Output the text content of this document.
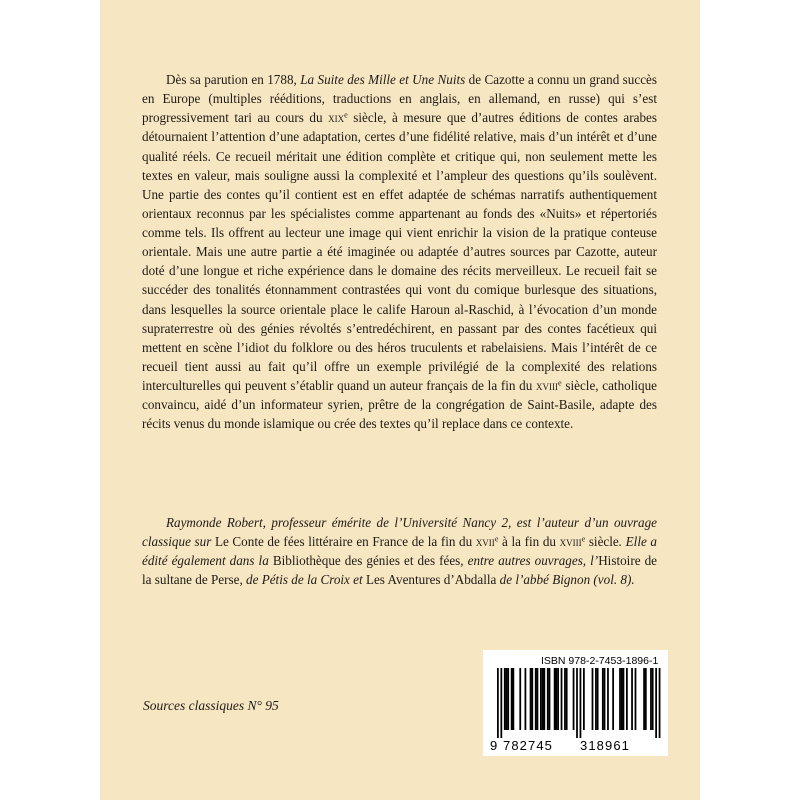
Dès sa parution en 1788, La Suite des Mille et Une Nuits de Cazotte a connu un grand succès en Europe (multiples rééditions, traductions en anglais, en allemand, en russe) qui s’est progressivement tari au cours du xix$^e$ siècle, à mesure que d’autres éditions de contes arabes détournaient l’attention d’une adaptation, certes d’une fidélité relative, mais d’un intérêt et d’une qualité réels. Ce recueil méritait une édition complète et critique qui, non seulement mette les textes en valeur, mais souligne aussi la complexité et l’ampleur des questions qu’ils soulèvent. Une partie des contes qu’il contient est en effet adaptée de schémas narratifs authentiquement orientaux reconnus par les spécialistes comme appartenant au fonds des «Nuits» et répertoriés comme tels. Ils offrent au lecteur une image qui vient enrichir la vision de la pratique conteuse orientale. Mais une autre partie a été imaginée ou adaptée d’autres sources par Cazotte, auteur doté d’une longue et riche expérience dans le domaine des récits merveilleux. Le recueil fait se succéder des tonalités étonnamment contrastées qui vont du comique burlesque des situations, dans lesquelles la source orientale place le calife Haroun al-Raschid, à l’évocation d’un monde supraterrestre où des génies révoltés s’entredéchirent, en passant par des contes facétieux qui mettent en scène l’idiot du folklore ou des héros truculents et rabelaisiens. Mais l’intérêt de ce recueil tient aussi au fait qu’il offre un exemple privilégié de la complexité des relations interculturelles qui peuvent s’établir quand un auteur français de la fin du xviii$^e$ siècle, catholique convaincu, aidé d’un informateur syrien, prêtre de la congrégation de Saint-Basile, adapte des récits venus du monde islamique ou crée des textes qu’il replace dans ce contexte.
Raymonde Robert, professeur émérite de l’Université Nancy 2, est l’auteur d’un ouvrage classique sur Le Conte de fées littéraire en France de la fin du xvii$^e$ à la fin du xviii$^e$ siècle. Elle a édité également dans la Bibliothèque des génies et des fées, entre autres ouvrages, l’Histoire de la sultane de Perse, de Pétis de la Croix et Les Aventures d’Abdalla de l’abbé Bignon (vol. 8).
Sources classiques N° 95
ISBN 978-2-7453-1896-1
9 782745 318961
